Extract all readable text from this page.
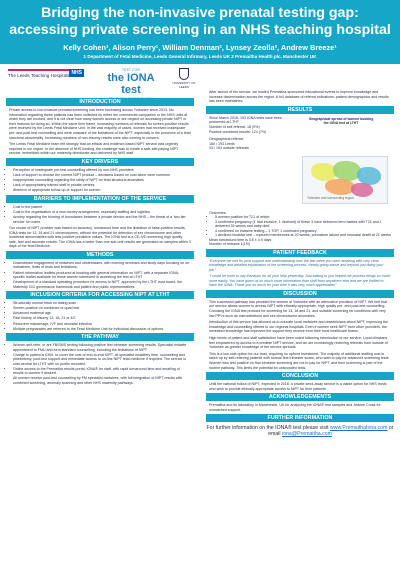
Bridging the non-invasive prenatal testing gap:
accessing private screening in an NHS teaching hospital
Kelly Cohen¹, Alison Perry¹, William Denman², Lynsey Zeolla², Andrew Breeze¹
1 Department of Fetal Medicine, Leeds General Infirmary, Leeds UK 2 Premaitha Health plc, Manchester UK
The Leeds Teaching Hospitals NHS	TEST FOR
the IONA test
UNIVERSITY OF LEEDS
INTRODUCTION

Private access to non-invasive prenatal screening has been increasing across Yorkshire since 2013. No information regarding these patients has been collected by either the commercial companies or the NHS units at which they are booked, and it is not clear how many women access or are neglect on accessing private NIPT or their reasons for doing so. Within the same time frame, increasing numbers of referrals for screen-positive results were received by the Leeds Fetal Medicine Unit. In the vast majority of cases, women had received inadequate pre- and post-test counselling and were unaware of the limitations of the NIPT, especially in the presence of a fetal structural abnormality. Increasing numbers of non-trisomy results were also coming to concern.

The Leeds Fetal Medicine team felt strongly that an ethical and evidence-based NIPT service was urgently required in our region. In the absence of NHS funding, the challenge was to create a safe self-paying NIPT service, embedded within our maternity directorate and delivered by NHS staff.

KEY DRIVERS
• Perception of inadequate pre-test counselling offered by non-NHS providers
• Lack of support to choose the correct NIPT product – decisions based on cost alone were common
• Inappropriate counselling regarding the utility of NIPT for fetal structural anomalies
• Lack of appropriately trained staff in private centres
• Absence of appropriate follow-up or support for women
BARRIERS TO IMPLEMENTATION OF THE SERVICE
• Cost to the patient
• Cost to the organisation of a new-money arrangement, especially staffing and logistics
• Anxiety regarding the blurring of boundaries between a private service and the NHS – the threat of a 'two-tier service' for users

Our choice of NIPT provider was based on accuracy, turnaround time and the limitation of false-positive results. IONA tests for 13, 18 and 21 chromosomes, without the potential for detection of sex chromosome and other incidental abnormalities with less positive predictive values. The IONA test is a CE-IVD screening high quality safe, fast and accurate results. The IONA has a better than one sub-unit results are generated on samples within 3 days of the fetal Medicine.

METHODS
• Downstream engagement of midwives and obstetricians, with evening seminars and study days focusing on on indications, limits of tests and limitations.
• Patient information leaflets produced at booking with general information on NIPT, with a separate IONA-specific leaflet available for those women interested in accessing the test at LTHT
• Development of a standard operating procedure for access to NIPT, approved by the LTHT trust board, the Maternity CIG governance framework and patient and public representatives.
INCLUSION CRITERIA FOR ACCESSING NIPT AT LTHT
• Structurally normal fetus on dating scan
• Screen-positive on combined or quad test
• Advanced maternal age
• Past history of trisomy 13, 18, 21 or 4/2
• Recurrent miscarriage, IVF and neonatal infection
• Multiple pregnancies are referred to the Fetal Medicine Unit for individual discussion of options.
THE PATHWAY
• Women self-refer, or are FB/SMS texting following positive first trimester screening results. Specialist midwife appointment to FMU and form standard counselling, including the limitations of NIPT.
• Charge to patient is £300, to cover the cost of end-to-end NIPT, all specialist midwifery time, counselling and phlebotomy, post-test support and immediate access to on-line NIPT fetal medicine if required. The service is cost-neutral for LTHT with no profits recorded.
• Online access to the Premaitha results portal, IONA® for staff, with rapid turnaround time and emailing of results to women if desired.
• All women receive post-test counselling by FM specialist midwives, with full integration of NIPT results with combined screening, anomaly scanning and other NHS maternity pathways.

After launch of the service, we hosted Premaitha-sponsored educational events to improve knowledge and increase dissemination across the region. A full database of referral indications, patient demographics and results has been maintained.

RESULTS

Since March 2016, 193 IONA tests have been performed at LTHT

Number of self-referral: 18 (9%)

Positive combined results: 124 (7%)

Geographical referral:

160 / 193 Leeds

33 / 193 outside referrals

Geographical spread of women booking the IONA test at LTHT
Yorkshire and surrounding region

Outcomes:

• 5 women positive for T21 of which:
• 3 confirmed pregnancy (1 had invasive, 1 declined) of these 3 have delivered term babies with T21 and 1 delivered 32 weeks and baby died
• 4 confirmed on invasive testing – 1 TOP, 1 continued pregnancy
• 1 declined invasive test – ruptured membranes at 20 weeks, premature labour and neonatal death at 21 weeks

Mean turnaround time is 3.6 ± 0.9 days

Number of redraws 1(1%)

PATIENT FEEDBACK

"Everyone we met for post support and understanding over the last week you were amazing with very clear knowledge and detailed explanation of the screening process, clearly going above and beyond just doing your job."

"I could be more to say thankyou for all your help yesterday. Just talking to you helped me process things so much more easily. You have given us so much more information than stuff from anywhere else and we are thrilled to have the IONA. Thank you so much for your time it was very much appreciated."

DISCUSSION

This successful pathway has provided the women of Yorkshire with an alternative provision of NIPT. We feel that our service allows women to access NIPT with ethically appropriate, high quality pre- and post-test counselling. Choosing the IONA test protocol for screening for 13, 18 and 21, and suitable screening for conditions with very low PPVs such as microdeletions and sex chromosome anomalies.

Introduction of this service has allowed us to educate local midwives and obstetricians about NIPT, improving the knowledge and counselling offered to our regional hospitals. Even if women seek NIPT from other providers, the increased knowledge has improved the support they receive from their local healthcare teams.

High levels of patient and staff satisfaction have been noted following introduction of our service. Local clinicians feel empowered by access to a credible NIPT service, and we are increasingly receiving referrals from outside of Yorkshire as greater knowledge of the service spreads.

This is a low-cost option for our trust, requiring no upfront investment. The majority of additional staffing cost is taken up by self-referring patients with normal first trimester scans, who wish to pay for advanced screening tests. Women who test positive on first trimester screening are not to pay for NIPT, and their screening is part of the routine pathway. This limits the potential for unbounded tests.

CONCLUSION

Until the national rollout of NIPT, expected in 2018, a private send-away service is a viable option for NHS trusts who wish to provide ethically appropriate access to NIPT for their patients.

ACKNOWLEDGEMENTS

Premaitha and its laboratory in Manchester, UK for analysing the IONA® test samples and Jeanne Cross for unmatched support.

FURTHER INFORMATION

For further information on the IONA® test please visit www.PremaithaIona.com or email iona@Premaitha.com
